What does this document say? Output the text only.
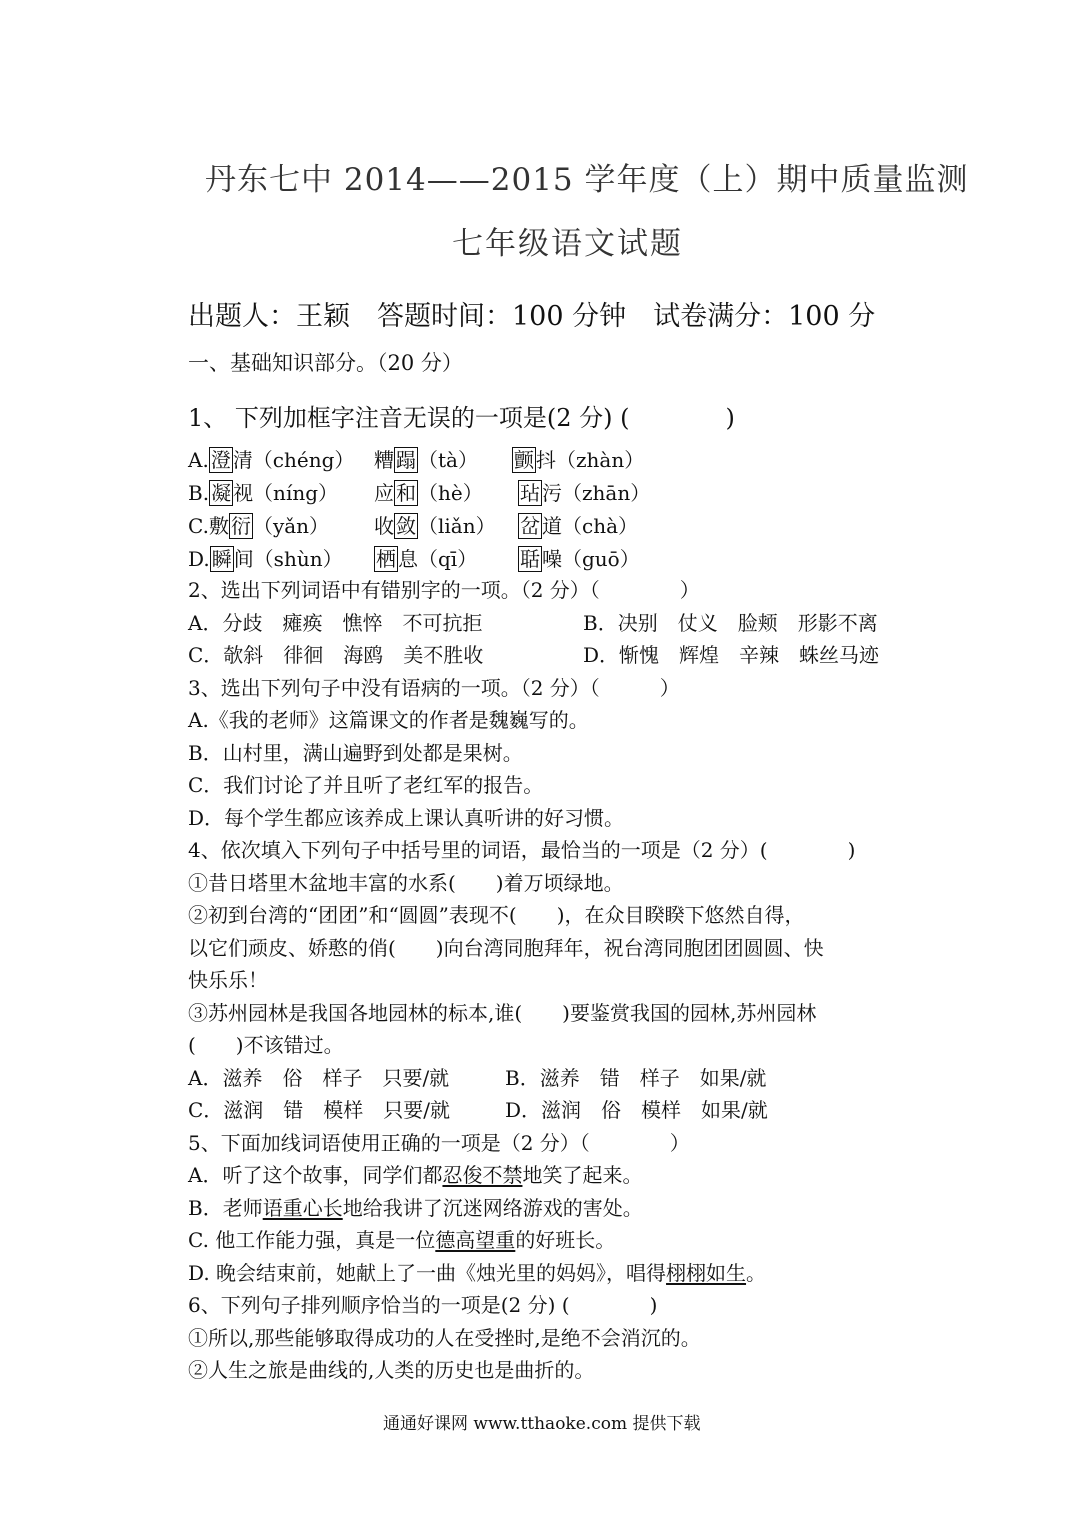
丹东七中 2014——2015 学年度（上）期中质量监测
七年级语文试题
出题人：王颖　答题时间：100 分钟　试卷满分：100 分
一、基础知识部分。（20 分）
1、 下列加框字注音无误的一项是(2 分) (　　　　)
A. 澄 清（chéng） 糟 蹋 （tà） 颤 抖（zhàn）
B. 凝 视（níng） 应 和 （hè） 玷 污（zhān）
C.敷 衍 （yǎn） 收 敛 （liǎn） 岔 道（chà）
D. 瞬 间（shùn） 栖 息（qī） 聒 噪（guō）
2、选出下列词语中有错别字的一项。（2 分）（　　　　）
A．分歧　瘫痪　憔悴　不可抗拒	B．决别　仗义　脸颊　形影不离
C．欹斜　徘徊　海鸥　美不胜收	D．惭愧　辉煌　辛辣　蛛丝马迹
3、选出下列句子中没有语病的一项。（2 分）（　　　）
A.《我的老师》这篇课文的作者是魏巍写的。
B．山村里，满山遍野到处都是果树。
C．我们讨论了并且听了老红军的报告。
D．每个学生都应该养成上课认真听讲的好习惯。
4、依次填入下列句子中括号里的词语，最恰当的一项是（2 分）(　　　　)
①昔日塔里木盆地丰富的水系(　　)着万顷绿地。
②初到台湾的“团团”和“圆圆”表现不(　　)，在众目睽睽下悠然自得，
以它们顽皮、娇憨的俏(　　)向台湾同胞拜年，祝台湾同胞团团圆圆、快
快乐乐！
③苏州园林是我国各地园林的标本,谁(　　)要鉴赏我国的园林,苏州园林
(　　)不该错过。
A．滋养　俗　样子　只要/就	B．滋养　错　样子　如果/就
C．滋润　错　模样　只要/就	D．滋润　俗　模样　如果/就
5、下面加线词语使用正确的一项是（2 分）（　　　　）
A．听了这个故事，同学们都忍俊不禁地笑了起来。
B．老师语重心长地给我讲了沉迷网络游戏的害处。
C. 他工作能力强，真是一位德高望重的好班长。
D. 晚会结束前，她献上了一曲《烛光里的妈妈》，唱得栩栩如生。
6、下列句子排列顺序恰当的一项是(2 分) (　　　　)
①所以,那些能够取得成功的人在受挫时,是绝不会消沉的。
②人生之旅是曲线的,人类的历史也是曲折的。
通通好课网 www.tthaoke.com 提供下载
